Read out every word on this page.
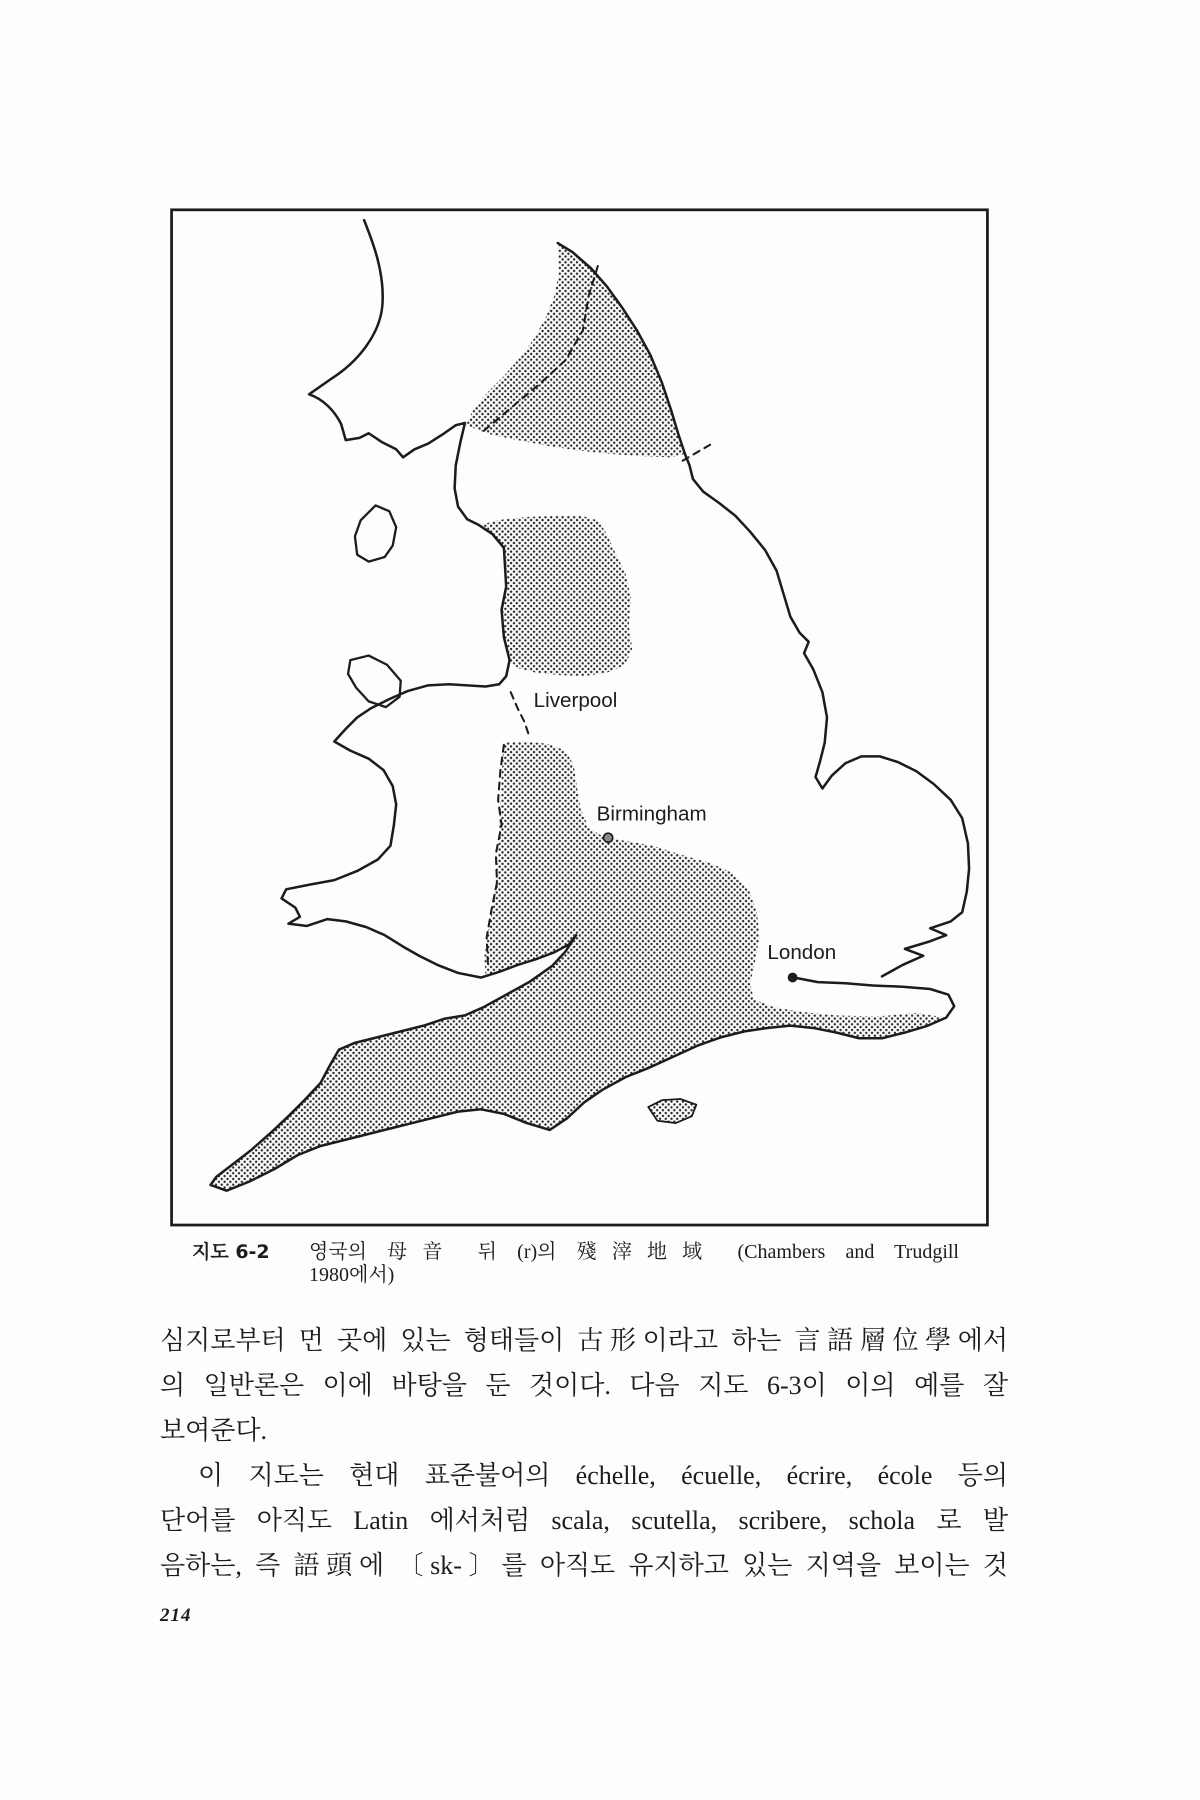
Liverpool
Birmingham
London
지도 6-2	영국의 母音 뒤 (r)의 殘滓地域 (Chambers and Trudgill
1980에서)
심지로부터 먼 곳에 있는 형태들이 古形이라고 하는 言語層位學에서
의 일반론은 이에 바탕을 둔 것이다. 다음 지도 6-3이 이의 예를 잘
보여준다.
이 지도는 현대 표준불어의 échelle, écuelle, écrire, école 등의
단어를 아직도 Latin 에서처럼 scala, scutella, scribere, schola 로 발
음하는, 즉 語頭에 〔sk-〕를 아직도 유지하고 있는 지역을 보이는 것
214
